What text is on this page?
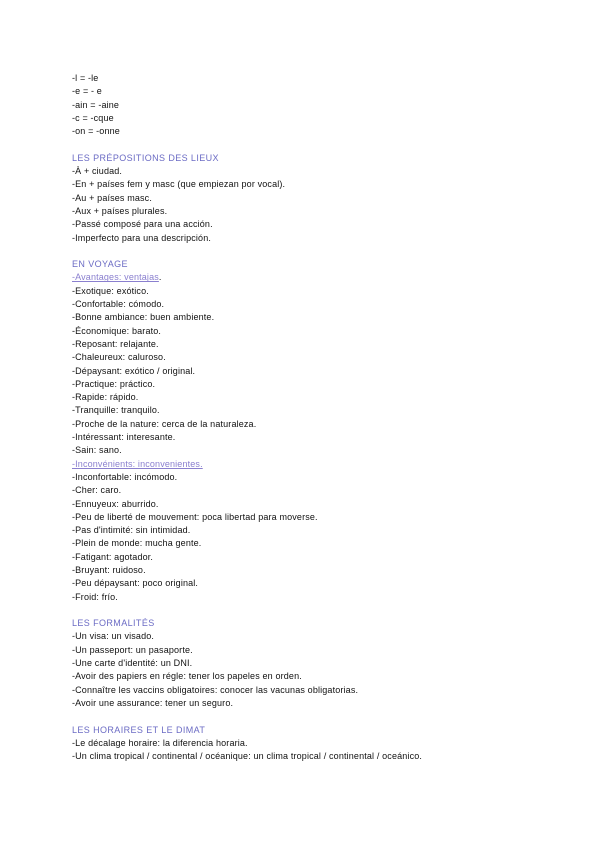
-l = -le
-e = - e
-ain = -aine
-c = -cque
-on = -onne
LES PRÉPOSITIONS DES LIEUX
-À + ciudad.
-En + países fem y masc (que empiezan por vocal).
-Au + países masc.
-Aux + países plurales.
-Passé composé para una acción.
-Imperfecto para una descripción.
EN VOYAGE
-Avantages: ventajas.
-Exotique: exótico.
-Confortable: cómodo.
-Bonne ambiance: buen ambiente.
-Économique: barato.
-Reposant: relajante.
-Chaleureux: caluroso.
-Dépaysant: exótico / original.
-Practique: práctico.
-Rapide: rápido.
-Tranquille: tranquilo.
-Proche de la nature: cerca de la naturaleza.
-Intéressant: interesante.
-Sain: sano.
-Inconvénients: inconvenientes.
-Inconfortable: incómodo.
-Cher: caro.
-Ennuyeux: aburrido.
-Peu de liberté de mouvement: poca libertad para moverse.
-Pas d'intimité: sin intimidad.
-Plein de monde: mucha gente.
-Fatigant: agotador.
-Bruyant: ruidoso.
-Peu dépaysant: poco original.
-Froid: frío.
LES FORMALITÉS
-Un visa: un visado.
-Un passeport: un pasaporte.
-Une carte d'identité: un DNI.
-Avoir des papiers en régle: tener los papeles en orden.
-Connaître les vaccins obligatoires: conocer las vacunas obligatorias.
-Avoir une assurance: tener un seguro.
LES HORAIRES ET LE DIMAT
-Le décalage horaire: la diferencia horaria.
-Un clima tropical / continental / océanique: un clima tropical / continental / oceánico.
